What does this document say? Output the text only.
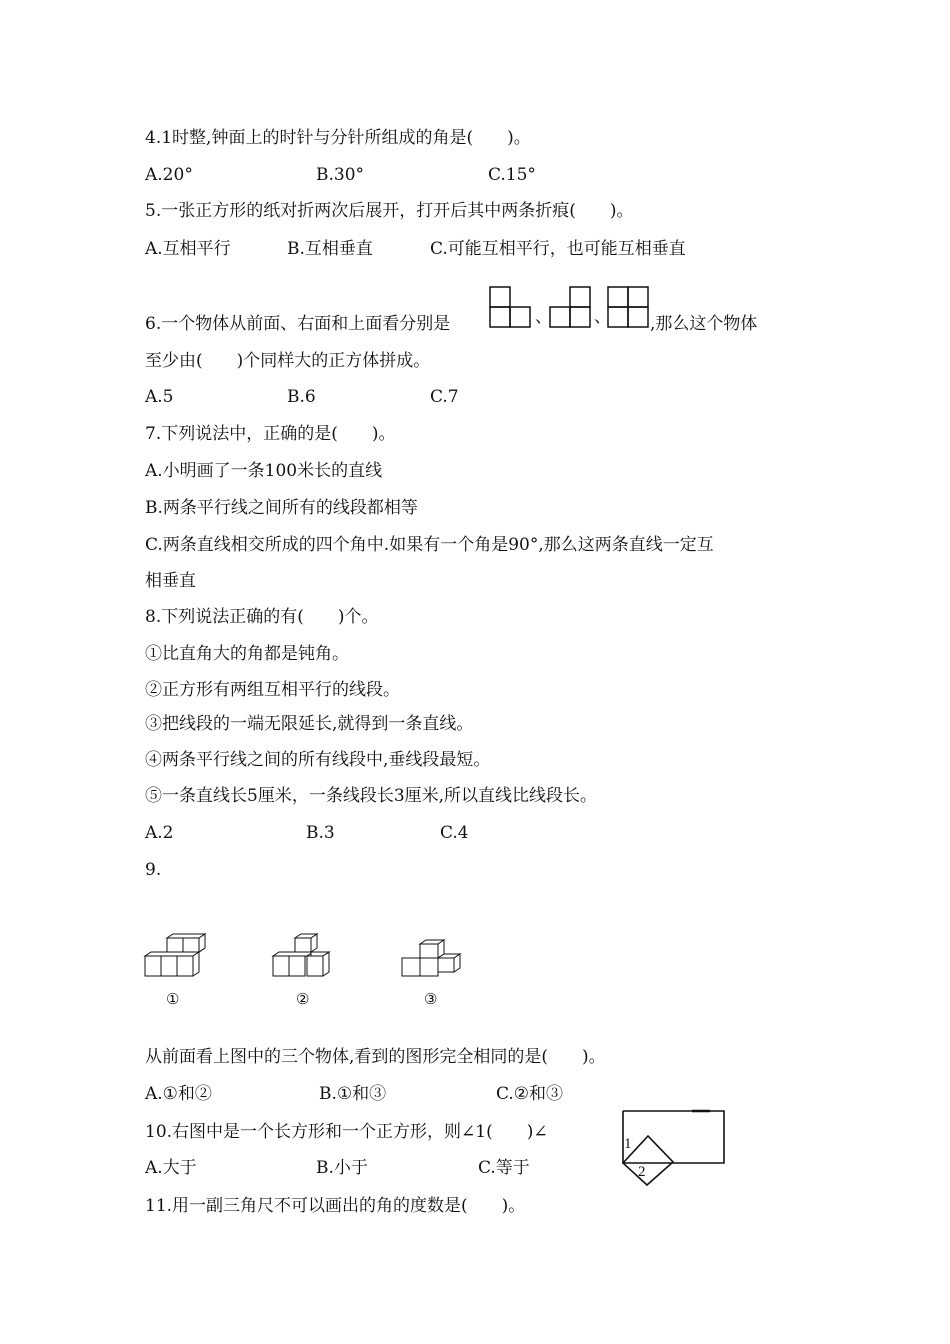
4.1时整,钟面上的时针与分针所组成的角是(　　)。
A.20°	B.30°	C.15°
5.一张正方形的纸对折两次后展开，打开后其中两条折痕(　　)。
A.互相平行	B.互相垂直	C.可能互相平行，也可能互相垂直
6.一个物体从前面、右面和上面看分别是	、 、 ,那么这个物体
至少由(　　)个同样大的正方体拼成。
A.5	B.6	C.7
7.下列说法中，正确的是(　　)。
A.小明画了一条100米长的直线
B.两条平行线之间所有的线段都相等
C.两条直线相交所成的四个角中.如果有一个角是90°,那么这两条直线一定互
相垂直
8.下列说法正确的有(　　)个。
①比直角大的角都是钝角。
②正方形有两组互相平行的线段。
③把线段的一端无限延长,就得到一条直线。
④两条平行线之间的所有线段中,垂线段最短。
⑤一条直线长5厘米，一条线段长3厘米,所以直线比线段长。
A.2	B.3	C.4
9.
①	②	③
从前面看上图中的三个物体,看到的图形完全相同的是(　　)。
A.①和②	B.①和③	C.②和③
10.右图中是一个长方形和一个正方形，则∠1(　　)∠
A.大于	B.小于	C.等于
1
2
11.用一副三角尺不可以画出的角的度数是(　　)。
